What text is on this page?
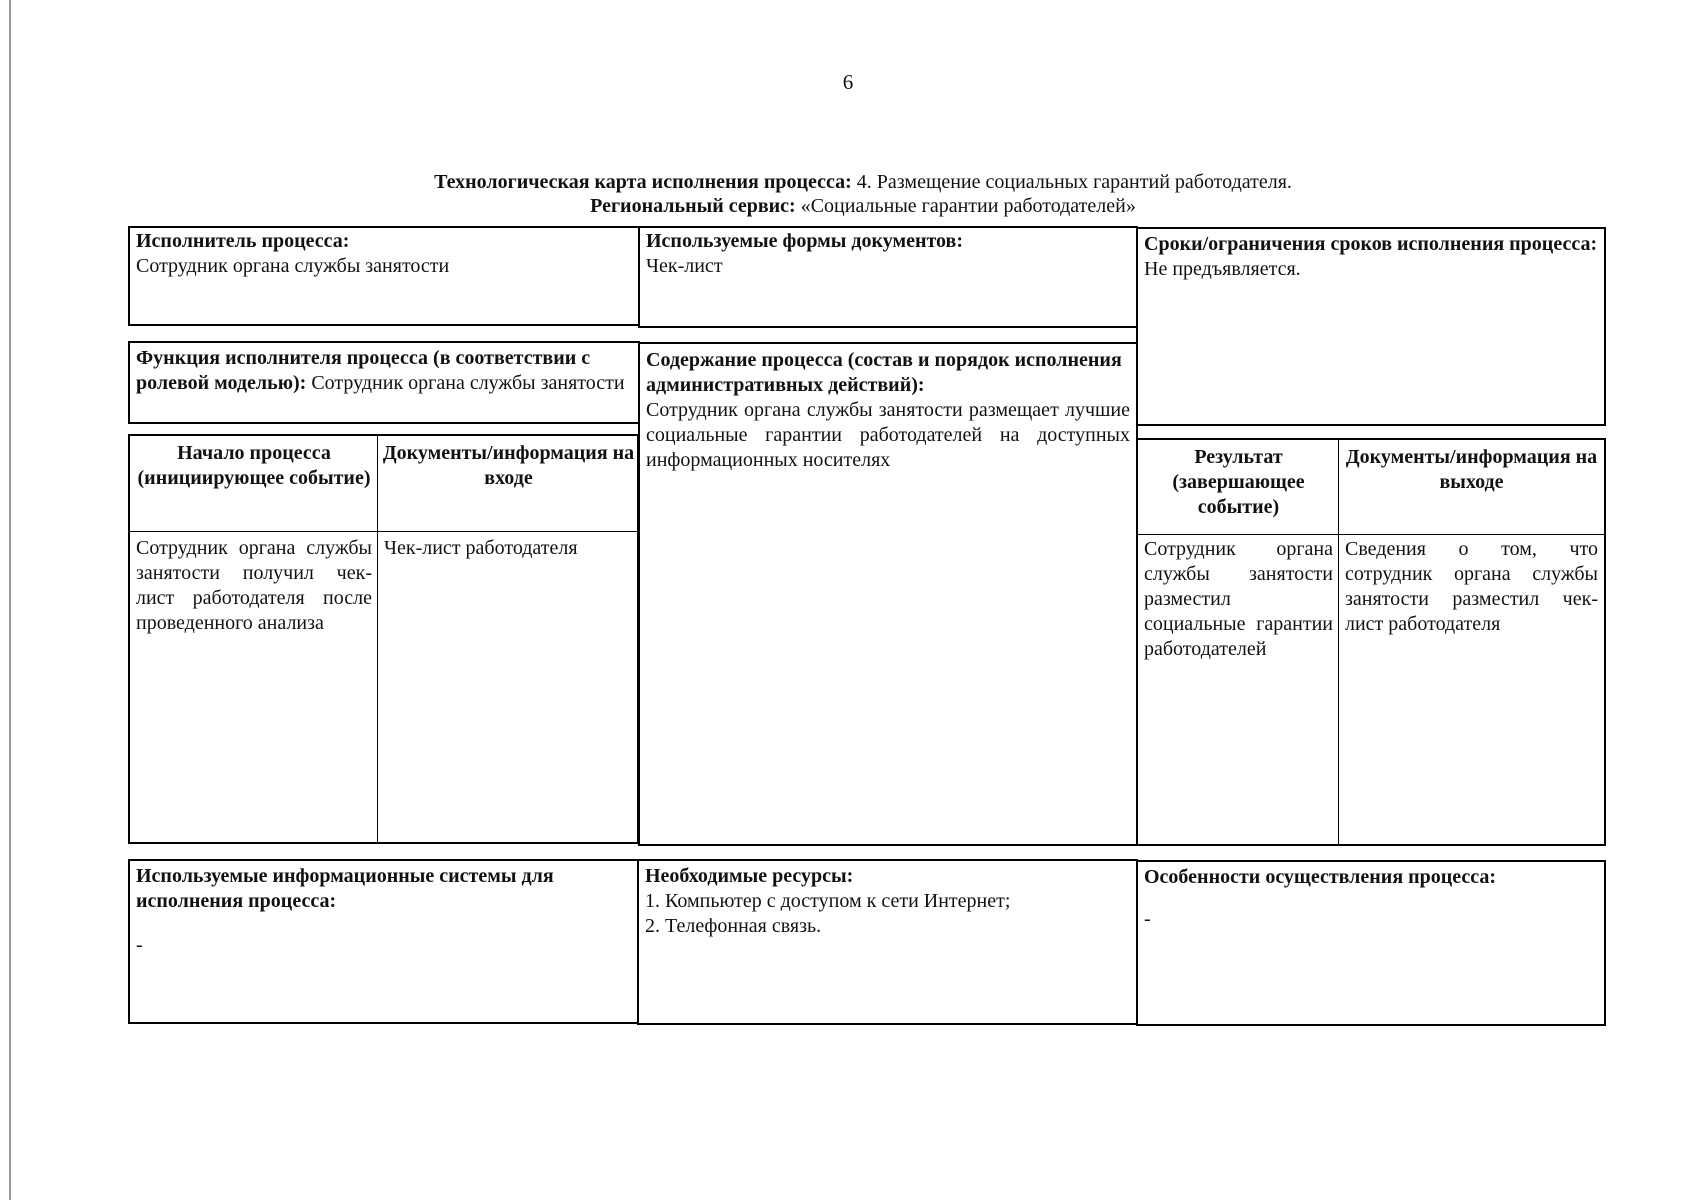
6
Технологическая карта исполнения процесса: 4. Размещение социальных гарантий работодателя.
Региональный сервис: «Социальные гарантии работодателей»
Исполнитель процесса:
Сотрудник органа службы занятости
Используемые формы документов:
Чек-лист
Сроки/ограничения сроков исполнения процесса:
Не предъявляется.
Функция исполнителя процесса (в соответствии с ролевой моделью): Сотрудник органа службы занятости
Содержание процесса (состав и порядок исполнения административных действий):
Сотрудник органа службы занятости размещает лучшие социальные гарантии работодателей на доступных информационных носителях
Начало процесса (инициирующее событие)
Документы/информация на входе
Сотрудник органа службы занятости получил чек-лист работодателя после проведенного анализа
Чек-лист работодателя
Результат (завершающее событие)
Документы/информация на выходе
Сотрудник органа службы занятости разместил социальные гарантии работодателей
Сведения о том, что сотрудник органа службы занятости разместил чек-лист работодателя
Используемые информационные системы для исполнения процесса:
-
Необходимые ресурсы:
1. Компьютер с доступом к сети Интернет;
2. Телефонная связь.
Особенности осуществления процесса:
-
